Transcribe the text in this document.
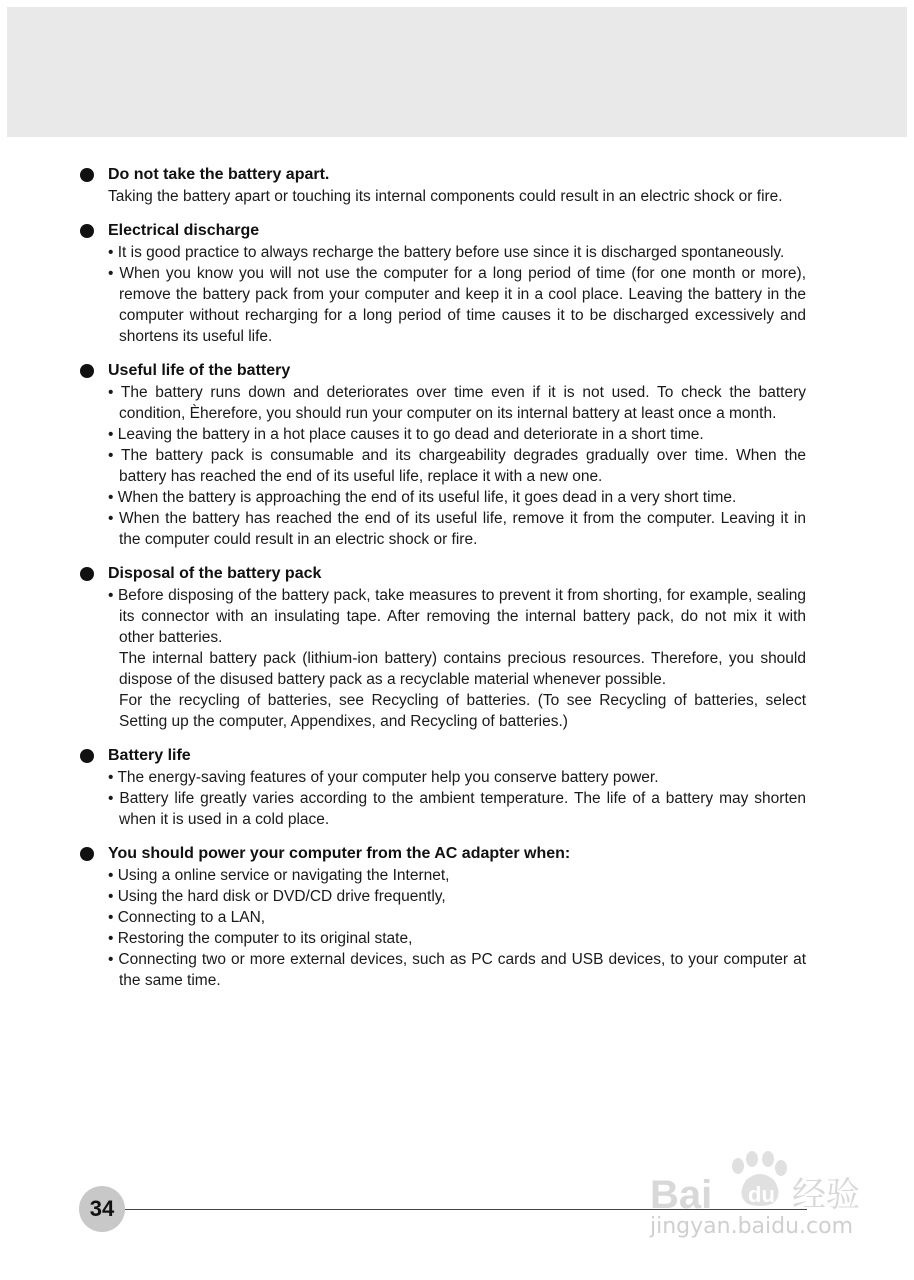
Do not take the battery apart.

Taking the battery apart or touching its internal components could result in an electric shock or fire.

Electrical discharge

• It is good practice to always recharge the battery before use since it is discharged spontaneously.

• When you know you will not use the computer for a long period of time (for one month or more), remove the battery pack from your computer and keep it in a cool place. Leaving the battery in the computer without recharging for a long period of time causes it to be discharged excessively and shortens its useful life.

Useful life of the battery

• The battery runs down and deteriorates over time even if it is not used. To check the battery condition, Èherefore, you should run your computer on its internal battery at least once a month.

• Leaving the battery in a hot place causes it to go dead and deteriorate in a short time.

• The battery pack is consumable and its chargeability degrades gradually over time. When the battery has reached the end of its useful life, replace it with a new one.

• When the battery is approaching the end of its useful life, it goes dead in a very short time.

• When the battery has reached the end of its useful life, remove it from the computer. Leaving it in the computer could result in an electric shock or fire.

Disposal of the battery pack

• Before disposing of the battery pack, take measures to prevent it from shorting, for example, sealing its connector with an insulating tape. After removing the internal battery pack, do not mix it with other batteries.

The internal battery pack (lithium-ion battery) contains precious resources. Therefore, you should dispose of the disused battery pack as a recyclable material whenever possible.

For the recycling of batteries, see Recycling of batteries. (To see Recycling of batteries, select Setting up the computer, Appendixes, and Recycling of batteries.)

Battery life

• The energy-saving features of your computer help you conserve battery power.

• Battery life greatly varies according to the ambient temperature. The life of a battery may shorten when it is used in a cold place.

You should power your computer from the AC adapter when:

• Using a online service or navigating the Internet,

• Using the hard disk or DVD/CD drive frequently,

• Connecting to a LAN,

• Restoring the computer to its original state,

• Connecting two or more external devices, such as PC cards and USB devices, to your computer at the same time.

34	Bai du 经验
jingyan.baidu.com
